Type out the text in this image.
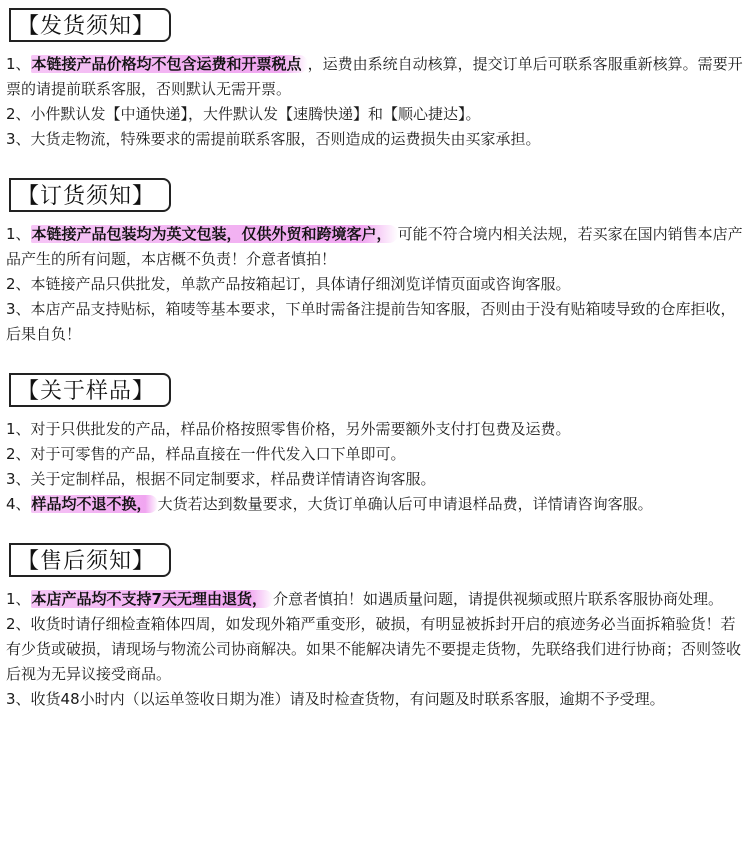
【发货须知】

1、本链接产品价格均不包含运费和开票税点 ，运费由系统自动核算，提交订单后可联系客服重新核算。需要开票的请提前联系客服，否则默认无需开票。

2、小件默认发【中通快递】，大件默认发【速腾快递】和【顺心捷达】。

3、大货走物流，特殊要求的需提前联系客服，否则造成的运费损失由买家承担。

【订货须知】

1、本链接产品包装均为英文包装，仅供外贸和跨境客户， 可能不符合境内相关法规，若买家在国内销售本店产品产生的所有问题，本店概不负责！介意者慎拍！

2、本链接产品只供批发，单款产品按箱起订，具体请仔细浏览详情页面或咨询客服。

3、本店产品支持贴标，箱唛等基本要求，下单时需备注提前告知客服，否则由于没有贴箱唛导致的仓库拒收，后果自负！

【关于样品】

1、对于只供批发的产品，样品价格按照零售价格，另外需要额外支付打包费及运费。

2、对于可零售的产品，样品直接在一件代发入口下单即可。

3、关于定制样品，根据不同定制要求，样品费详情请咨询客服。

4、样品均不退不换， 大货若达到数量要求，大货订单确认后可申请退样品费，详情请咨询客服。

【售后须知】

1、本店产品均不支持7天无理由退货， 介意者慎拍！如遇质量问题，请提供视频或照片联系客服协商处理。

2、收货时请仔细检查箱体四周，如发现外箱严重变形，破损，有明显被拆封开启的痕迹务必当面拆箱验货！若有少货或破损，请现场与物流公司协商解决。如果不能解决请先不要提走货物，先联络我们进行协商；否则签收后视为无异议接受商品。

3、收货48小时内（以运单签收日期为准）请及时检查货物，有问题及时联系客服，逾期不予受理。
